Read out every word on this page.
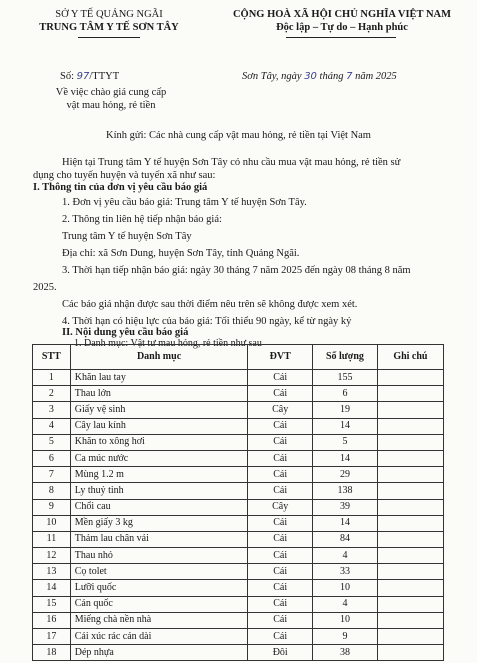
SỞ Y TẾ QUẢNG NGÃI
TRUNG TÂM Y TẾ SƠN TÂY
CỘNG HOÀ XÃ HỘI CHỦ NGHĨA VIỆT NAM
Độc lập – Tự do – Hạnh phúc
Số: 97/TTYT	Sơn Tây, ngày 30 tháng 7 năm 2025
Về việc chào giá cung cấp
vật mau hỏng, rẻ tiền
Kính gửi: Các nhà cung cấp vật mau hỏng, rẻ tiền tại Việt Nam
Hiện tại Trung tâm Y tế huyện Sơn Tây có nhu cầu mua vật mau hỏng, rẻ tiền sử
dụng cho tuyến huyện và tuyến xã như sau:
I. Thông tin của đơn vị yêu cầu báo giá
1. Đơn vị yêu cầu báo giá: Trung tâm Y tế huyện Sơn Tây.
2. Thông tin liên hệ tiếp nhận báo giá:
Trung tâm Y tế huyện Sơn Tây
Địa chỉ: xã Sơn Dung, huyện Sơn Tây, tỉnh Quảng Ngãi.
3. Thời hạn tiếp nhận báo giá: ngày 30 tháng 7 năm 2025 đến ngày 08 tháng 8 năm
2025.
Các báo giá nhận được sau thời điểm nêu trên sẽ không được xem xét.
4. Thời hạn có hiệu lực của báo giá: Tối thiểu 90 ngày, kể từ ngày ký
II. Nội dung yêu cầu báo giá
1. Danh mục: Vật tư mau hỏng, rẻ tiền như sau
STT	Danh mục	ĐVT	Số lượng	Ghi chú
1	Khăn lau tay	Cái	155	
2	Thau lớn	Cái	6	
3	Giấy vệ sinh	Cây	19	
4	Cây lau kính	Cái	14	
5	Khăn to xông hơi	Cái	5	
6	Ca múc nước	Cái	14	
7	Mùng 1.2 m	Cái	29	
8	Ly thuỷ tinh	Cái	138	
9	Chổi cau	Cây	39	
10	Mền giấy 3 kg	Cái	14	
11	Thảm lau chân vải	Cái	84	
12	Thau nhỏ	Cái	4	
13	Cọ tolet	Cái	33	
14	Lưỡi quốc	Cái	10	
15	Cán quốc	Cái	4	
16	Miếng chà nền nhà	Cái	10	
17	Cái xúc rác cán dài	Cái	9	
18	Dép nhựa	Đôi	38	
